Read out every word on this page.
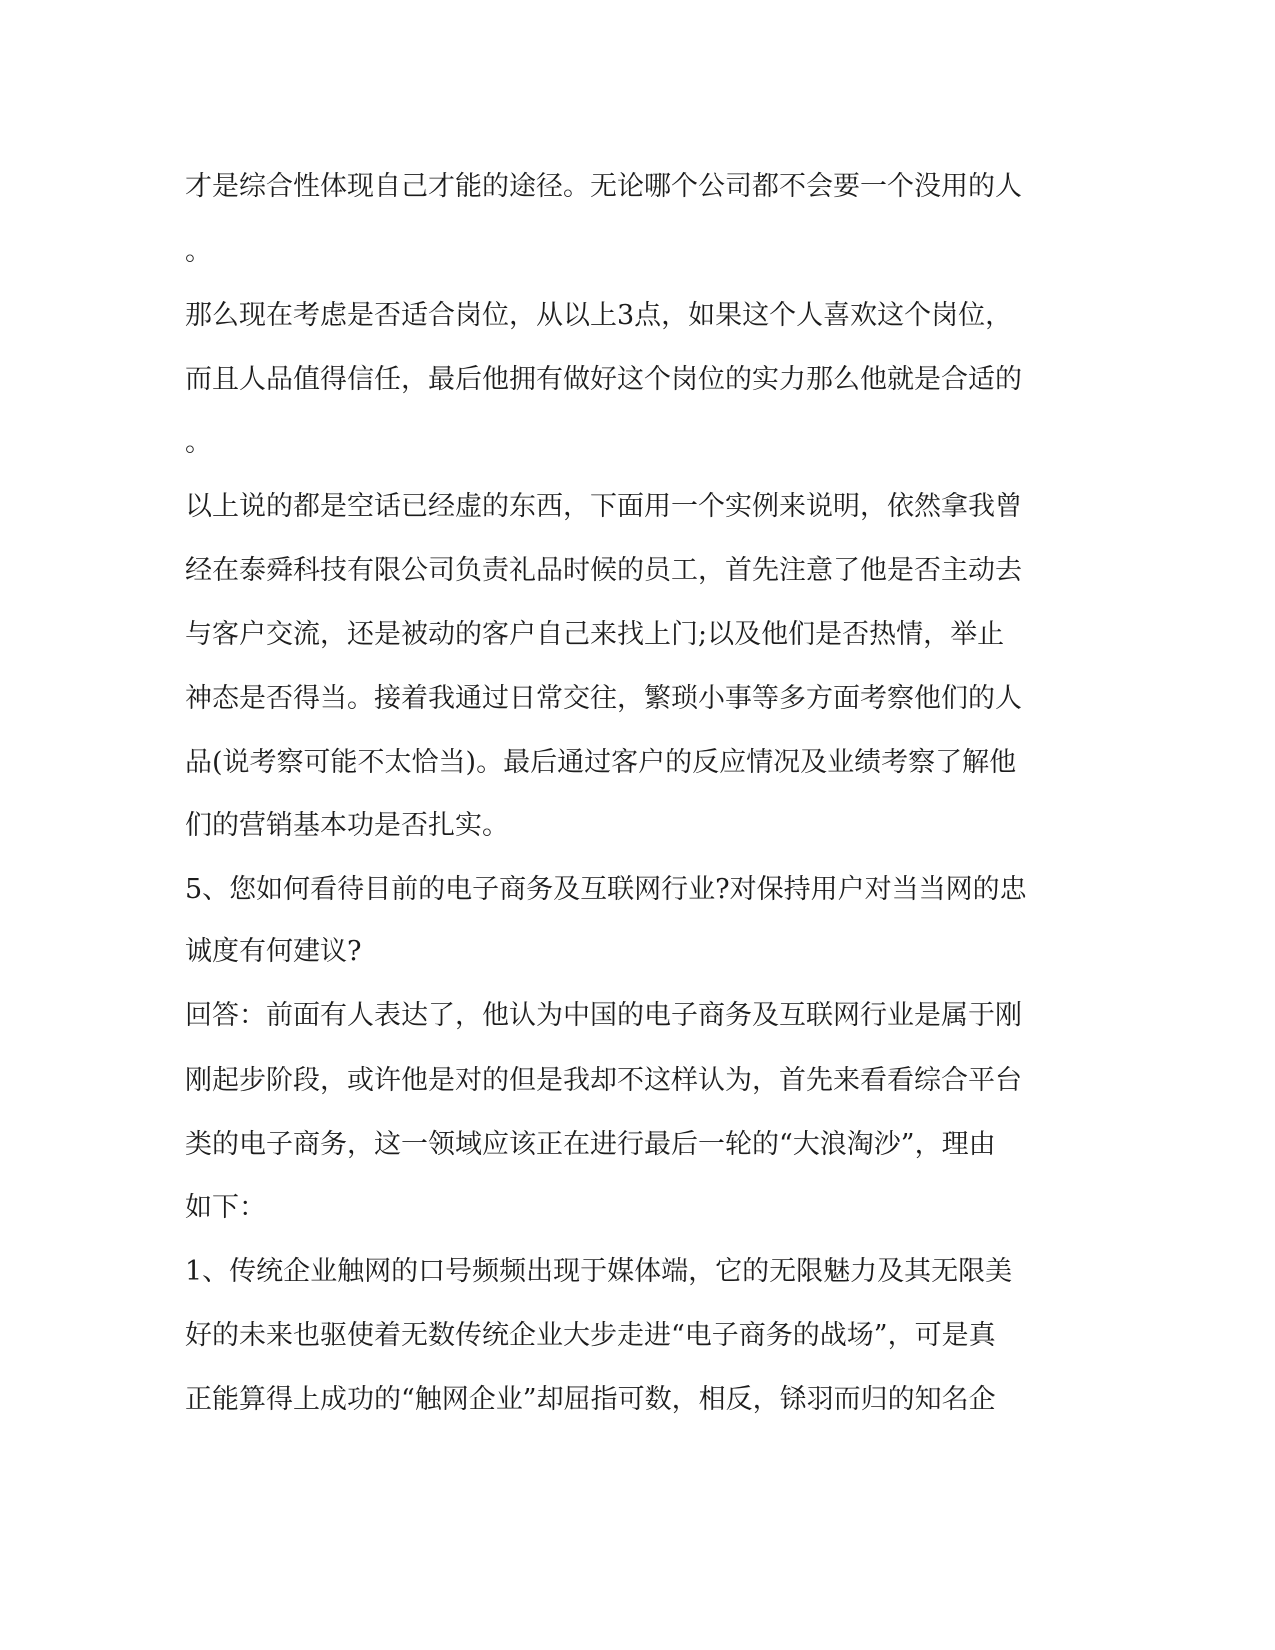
才是综合性体现自己才能的途径。无论哪个公司都不会要一个没用的人
。
那么现在考虑是否适合岗位，从以上3点，如果这个人喜欢这个岗位，
而且人品值得信任，最后他拥有做好这个岗位的实力那么他就是合适的
。
以上说的都是空话已经虚的东西，下面用一个实例来说明，依然拿我曾
经在泰舜科技有限公司负责礼品时候的员工，首先注意了他是否主动去
与客户交流，还是被动的客户自己来找上门;以及他们是否热情，举止
神态是否得当。接着我通过日常交往，繁琐小事等多方面考察他们的人
品(说考察可能不太恰当)。最后通过客户的反应情况及业绩考察了解他
们的营销基本功是否扎实。
5、您如何看待目前的电子商务及互联网行业?对保持用户对当当网的忠
诚度有何建议?
回答：前面有人表达了，他认为中国的电子商务及互联网行业是属于刚
刚起步阶段，或许他是对的但是我却不这样认为，首先来看看综合平台
类的电子商务，这一领域应该正在进行最后一轮的“大浪淘沙”，理由
如下：
1、传统企业触网的口号频频出现于媒体端，它的无限魅力及其无限美
好的未来也驱使着无数传统企业大步走进“电子商务的战场”，可是真
正能算得上成功的“触网企业”却屈指可数，相反，铩羽而归的知名企
